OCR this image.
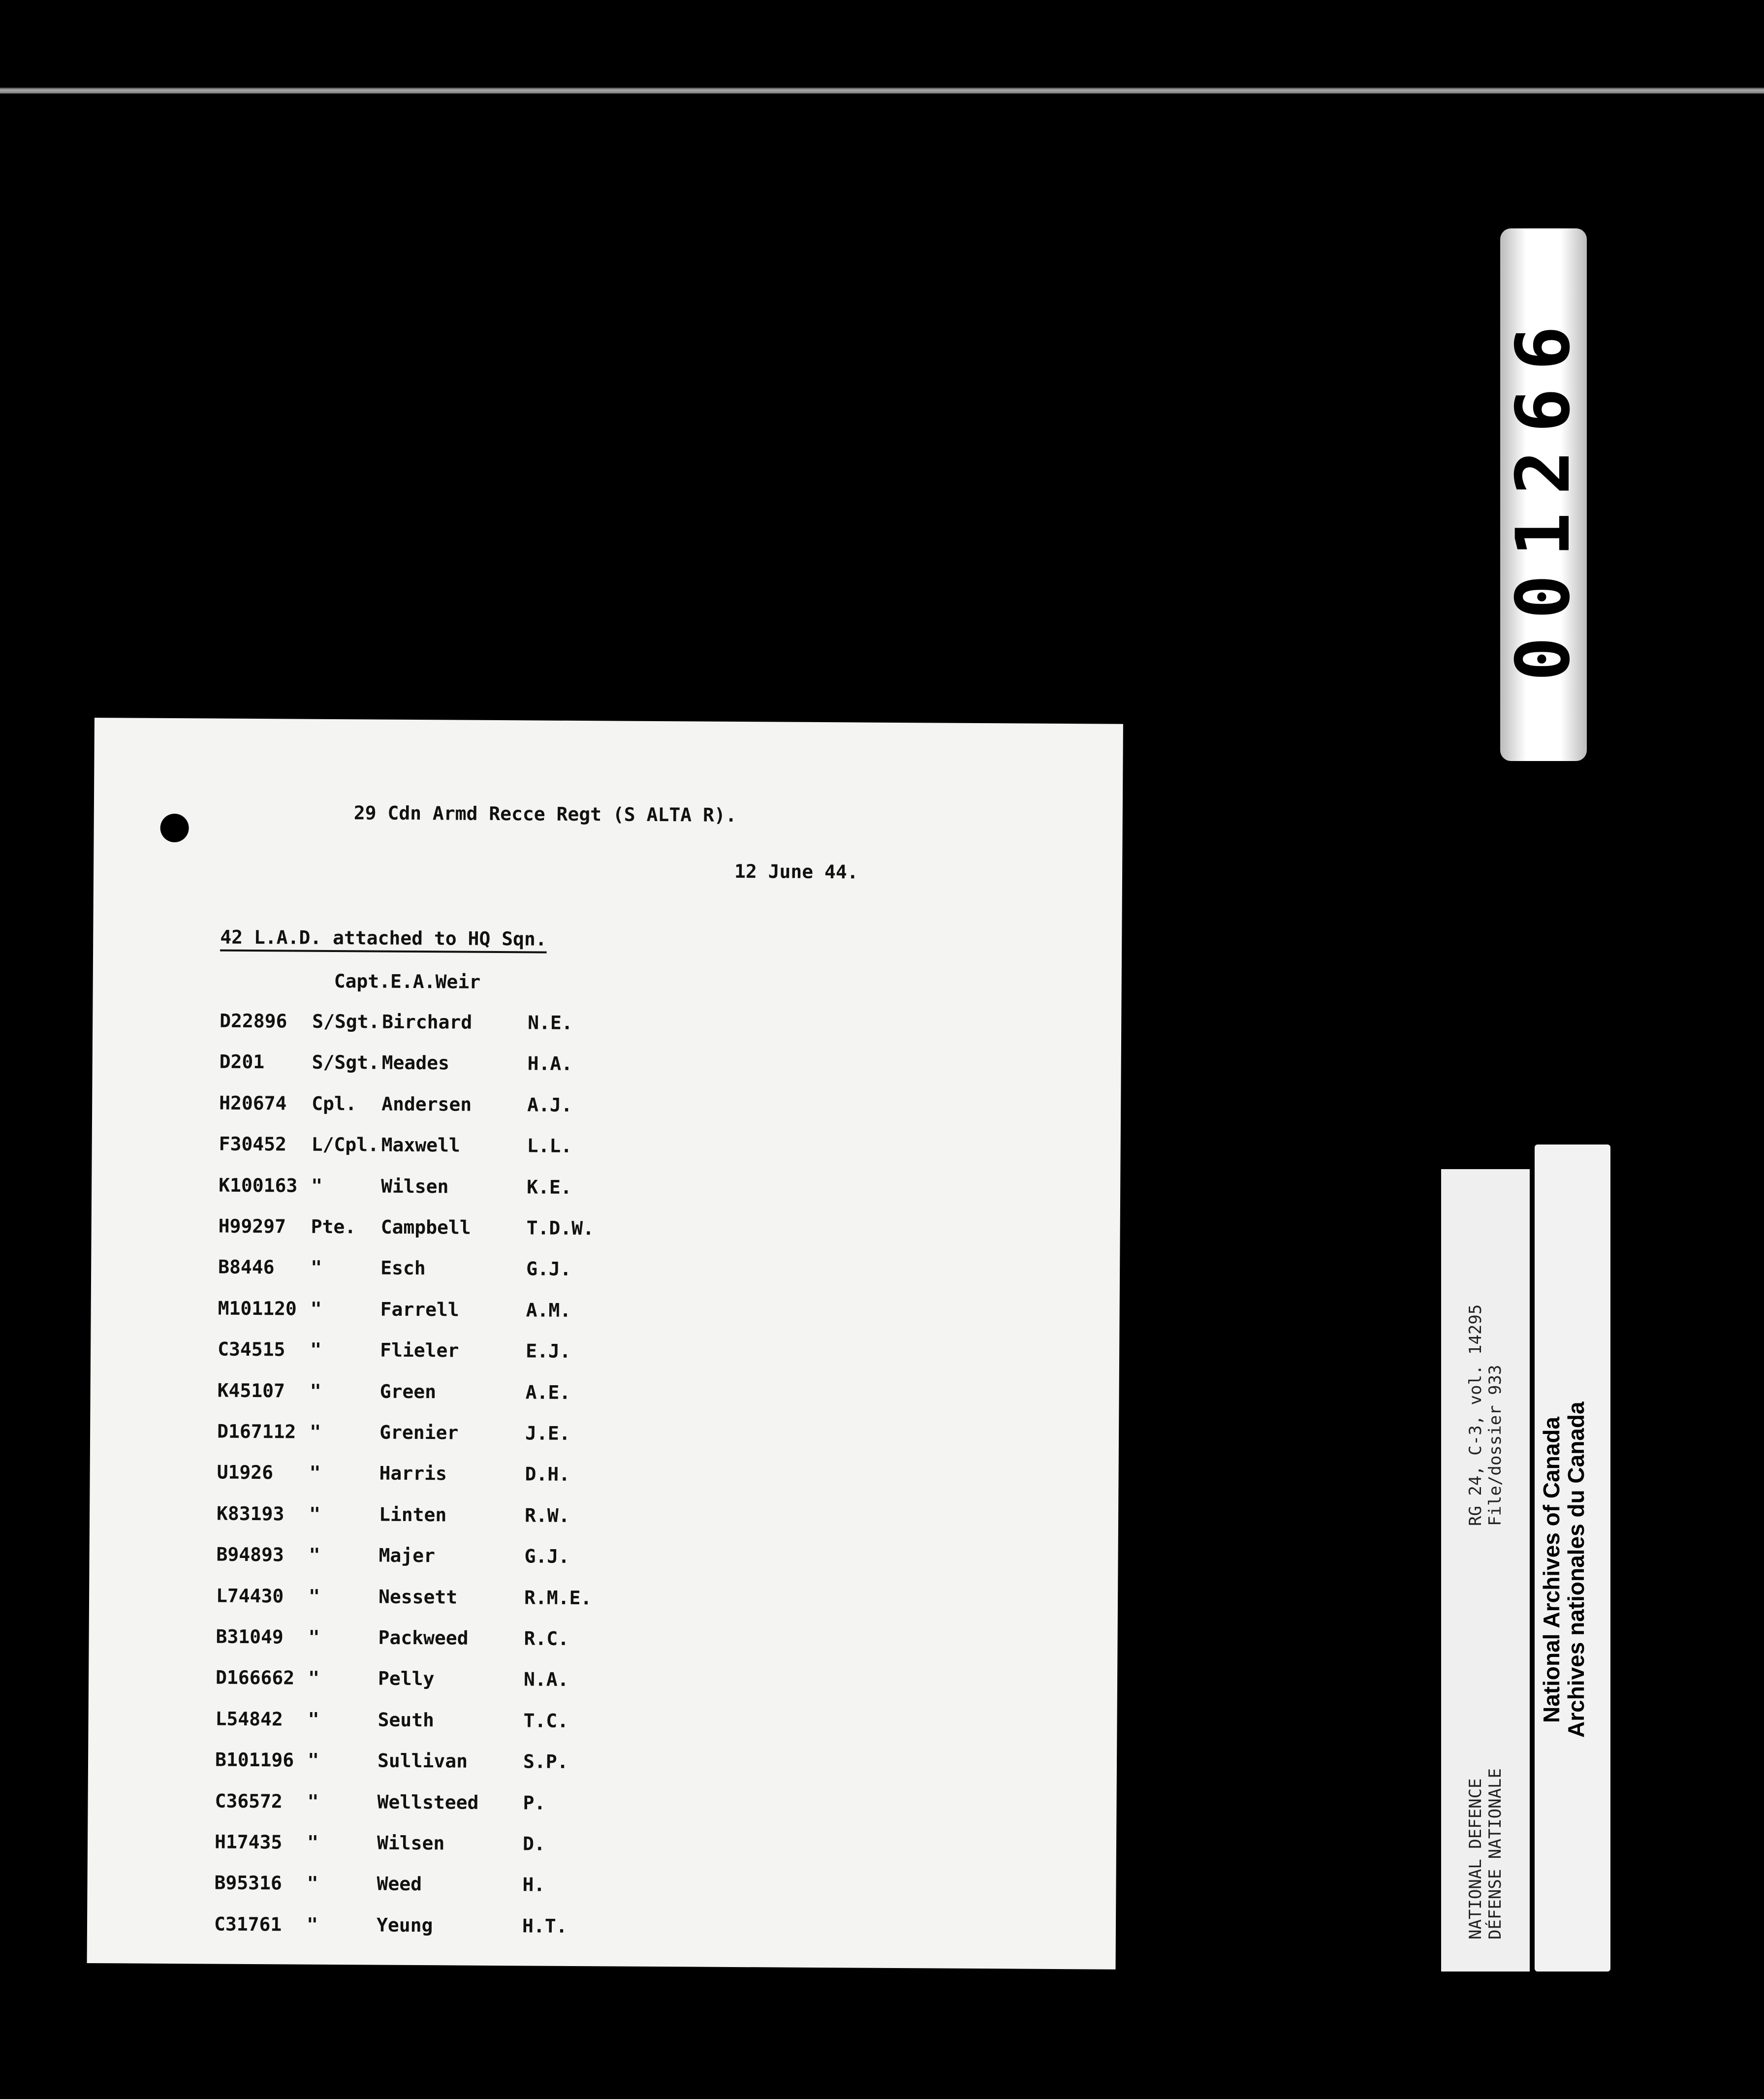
001266
29 Cdn Armd Recce Regt (S ALTA R).
12 June 44.
42 L.A.D. attached to HQ Sqn.
Capt.E.A.Weir
D22896 S/Sgt. Birchard	N.E.
D201	S/Sgt. Meades	H.A.
H20674 Cpl. Andersen	A.J.
F30452 L/Cpl. Maxwell	L.L.
K100163 "	Wilsen	K.E.
H99297 Pte. Campbell	T.D.W.
B8446 "	Esch	G.J.
M101120 "	Farrell	A.M.
C34515 "	Flieler	E.J.
K45107 "	Green	A.E.
D167112 "	Grenier	J.E.
U1926 "	Harris	D.H.
K83193 "	Linten	R.W.
B94893 "	Majer	G.J.
L74430 "	Nessett	R.M.E.
B31049 "	Packweed	R.C.
D166662 "	Pelly	N.A.
L54842 "	Seuth	T.C.
B101196 "	Sullivan	S.P.
C36572 "	Wellsteed P.
H17435 "	Wilsen	D.
B95316 "	Weed	H.
C31761 "	Yeung	H.T.
RG 24, C-3, vol. 14295 File/dossier 933
NATIONAL DEFENCE DÉFENSE NATIONALE
National Archives of Canada
Archives nationales du Canada
